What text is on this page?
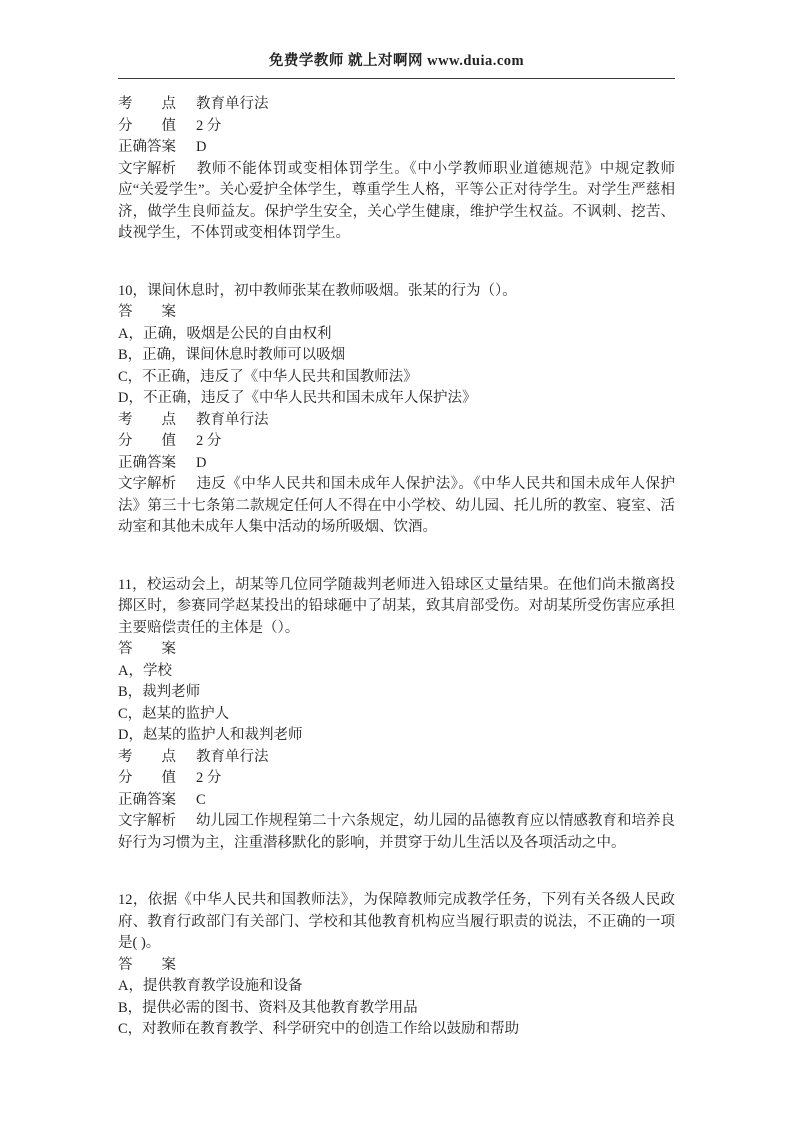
免费学教师 就上对啊网 www.duia.com

考 点 教育单行法

分 值 2 分

正确答案 D

文字解析 教师不能体罚或变相体罚学生。《中小学教师职业道德规范》中规定教师应“关爱学生”。关心爱护全体学生，尊重学生人格，平等公正对待学生。对学生严慈相济，做学生良师益友。保护学生安全，关心学生健康，维护学生权益。不讽刺、挖苦、歧视学生，不体罚或变相体罚学生。

10，课间休息时，初中教师张某在教师吸烟。张某的行为（）。

答 案

A，正确，吸烟是公民的自由权利

B，正确，课间休息时教师可以吸烟

C，不正确，违反了《中华人民共和国教师法》

D，不正确，违反了《中华人民共和国未成年人保护法》

考 点 教育单行法

分 值 2 分

正确答案 D

文字解析 违反《中华人民共和国未成年人保护法》。《中华人民共和国未成年人保护法》第三十七条第二款规定任何人不得在中小学校、幼儿园、托儿所的教室、寝室、活动室和其他未成年人集中活动的场所吸烟、饮酒。

11，校运动会上，胡某等几位同学随裁判老师进入铅球区丈量结果。在他们尚未撤离投掷区时，参赛同学赵某投出的铅球砸中了胡某，致其肩部受伤。对胡某所受伤害应承担主要赔偿责任的主体是（）。

答 案

A，学校

B，裁判老师

C，赵某的监护人

D，赵某的监护人和裁判老师

考 点 教育单行法

分 值 2 分

正确答案 C

文字解析 幼儿园工作规程第二十六条规定，幼儿园的品德教育应以情感教育和培养良好行为习惯为主，注重潜移默化的影响，并贯穿于幼儿生活以及各项活动之中。

12，依据《中华人民共和国教师法》，为保障教师完成教学任务，下列有关各级人民政府、教育行政部门有关部门、学校和其他教育机构应当履行职责的说法，不正确的一项是( )。

答 案

A，提供教育教学设施和设备

B，提供必需的图书、资料及其他教育教学用品

C，对教师在教育教学、科学研究中的创造工作给以鼓励和帮助
